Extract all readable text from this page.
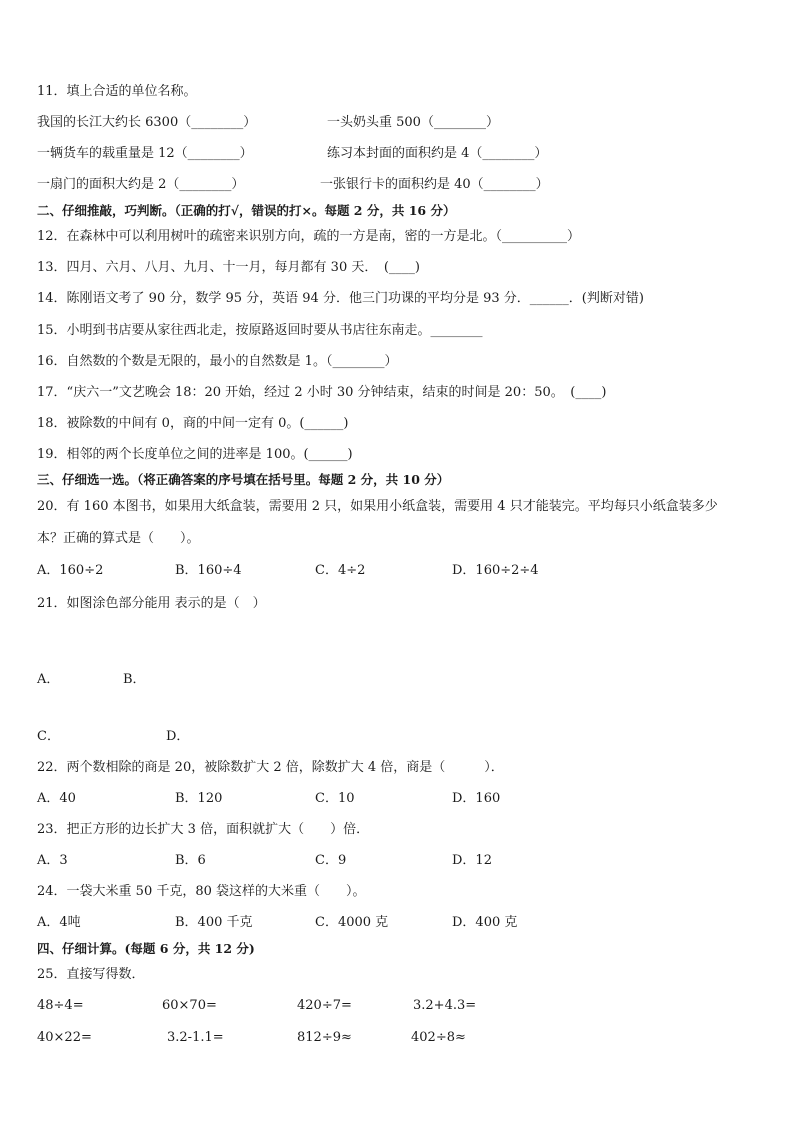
11．填上合适的单位名称。
我国的长江大约长 6300（________）	一头奶头重 500（________）
一辆货车的载重量是 12（________）	练习本封面的面积约是 4（________）
一扇门的面积大约是 2（________）	一张银行卡的面积约是 40（________）
二、仔细推敲，巧判断。（正确的打√，错误的打×。每题 2 分，共 16 分）
12．在森林中可以利用树叶的疏密来识别方向，疏的一方是南，密的一方是北。（__________）
13．四月、六月、八月、九月、十一月，每月都有 30 天．　(____)
14．陈刚语文考了 90 分，数学 95 分，英语 94 分．他三门功课的平均分是 93 分．______．(判断对错)
15．小明到书店要从家往西北走，按原路返回时要从书店往东南走。________
16．自然数的个数是无限的，最小的自然数是 1。（________）
17．“庆六一”文艺晚会 18：20 开始，经过 2 小时 30 分钟结束，结束的时间是 20：50。　(____)
18．被除数的中间有 0，商的中间一定有 0。(______)
19．相邻的两个长度单位之间的进率是 100。(______)
三、仔细选一选。（将正确答案的序号填在括号里。每题 2 分，共 10 分）
20．有 160 本图书，如果用大纸盒装，需要用 2 只，如果用小纸盒装，需要用 4 只才能装完。平均每只小纸盒装多少
本？正确的算式是（　　）。
A．160÷2	B．160÷4	C．4÷2	D．160÷2÷4
21．如图涂色部分能用 表示的是（　）
A．	B．
C．	D．
22．两个数相除的商是 20，被除数扩大 2 倍，除数扩大 4 倍，商是（　　　）．
A．40	B．120	C．10	D．160
23．把正方形的边长扩大 3 倍，面积就扩大（　　）倍．
A．3	B．6	C．9	D．12
24．一袋大米重 50 千克，80 袋这样的大米重（　　）。
A．4吨	B．400 千克	C．4000 克	D．400 克
四、仔细计算。(每题 6 分，共 12 分)
25．直接写得数．
48÷4=	60×70=	420÷7=	3.2+4.3=
40×22=	3.2-1.1=	812÷9≈	402÷8≈
